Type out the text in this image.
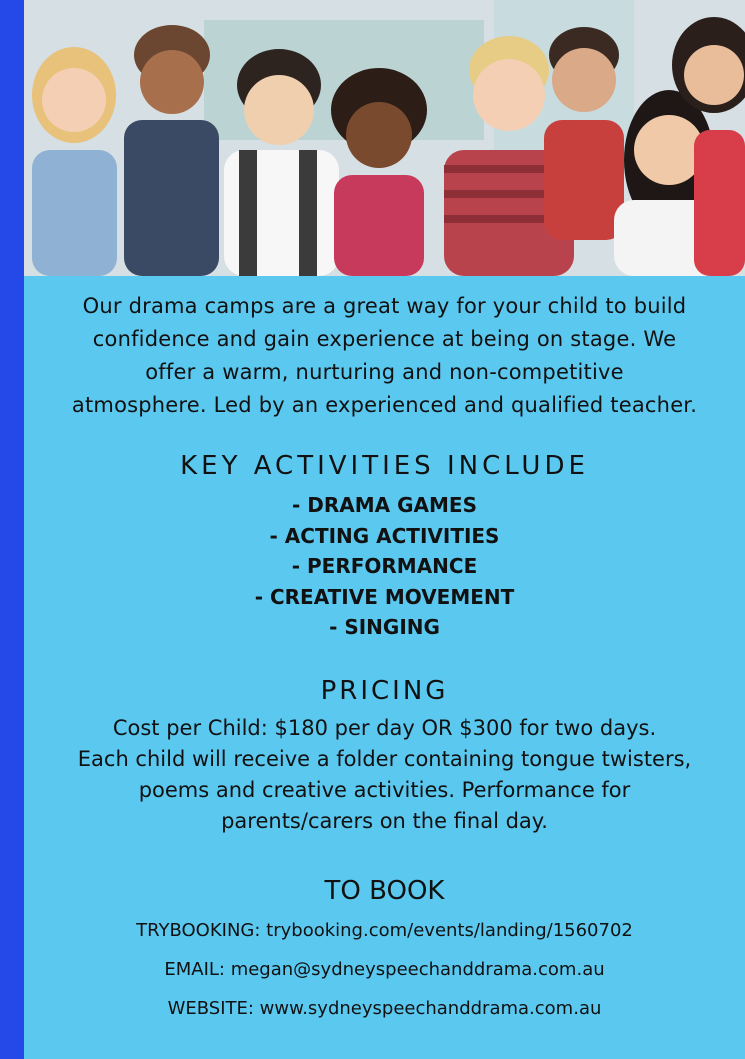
Our drama camps are a great way for your child to build
confidence and gain experience at being on stage. We
offer a warm, nurturing and non-competitive
atmosphere. Led by an experienced and qualified teacher.
KEY ACTIVITIES INCLUDE
- DRAMA GAMES
- ACTING ACTIVITIES
- PERFORMANCE
- CREATIVE MOVEMENT
- SINGING
PRICING
Cost per Child: $180 per day OR $300 for two days.
Each child will receive a folder containing tongue twisters,
poems and creative activities. Performance for
parents/carers on the final day.
TO BOOK

TRYBOOKING: trybooking.com/events/landing/1560702

EMAIL: megan@sydneyspeechanddrama.com.au

WEBSITE: www.sydneyspeechanddrama.com.au
